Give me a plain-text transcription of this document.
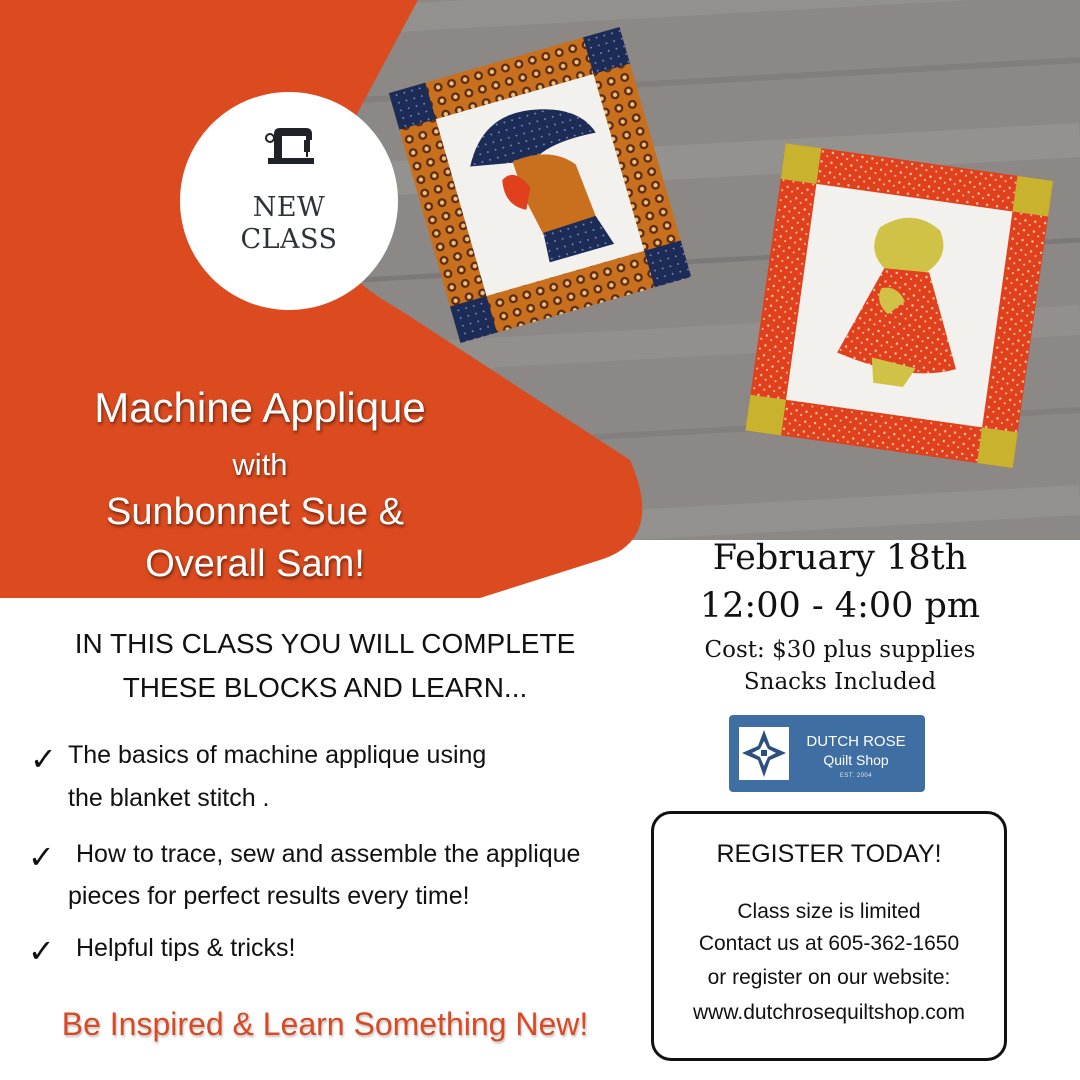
NEW
CLASS
Machine Applique
with
Sunbonnet Sue &
Overall Sam!	February 18th
12:00 - 4:00 pm
Cost: $30 plus supplies
Snacks Included
DUTCH ROSE
Quilt Shop
EST. 2004
IN THIS CLASS YOU WILL COMPLETE
THESE BLOCKS AND LEARN...
✓ The basics of machine applique using
the blanket stitch .
✓ How to trace, sew and assemble the applique
pieces for perfect results every time!
✓ Helpful tips & tricks!
Be Inspired & Learn Something New!
REGISTER TODAY!
Class size is limited
Contact us at 605-362-1650
or register on our website:
www.dutchrosequiltshop.com
